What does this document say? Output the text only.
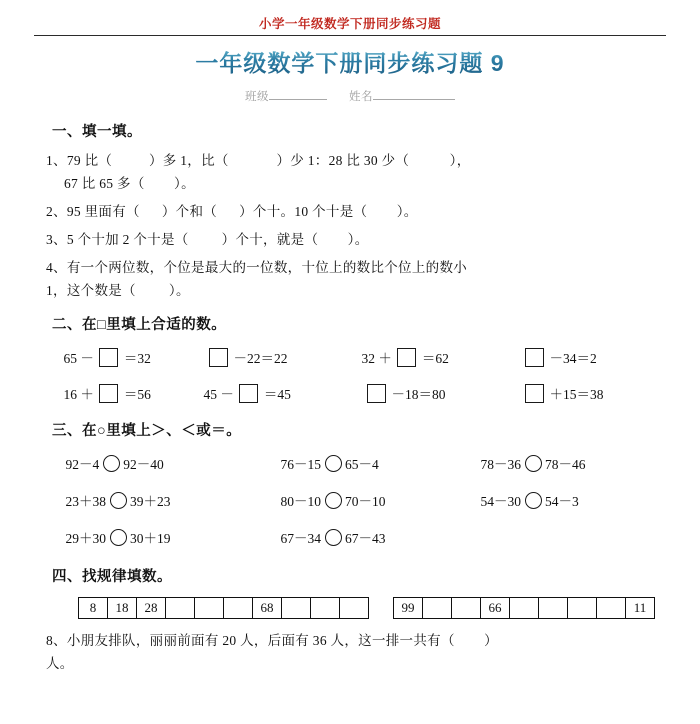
小学一年级数学下册同步练习题
一年级数学下册同步练习题 9
班级	姓名
一、填一填。
1、79 比（          ）多 1，比（             ）少 1：28 比 30 少（           ），
67 比 65 多（        ）。
2、95 里面有（      ）个和（      ）个十。10 个十是（        ）。
3、5 个十加 2 个十是（         ）个十，就是（        ）。
4、有一个两位数，个位是最大的一位数，十位上的数比个位上的数小
1，这个数是（         ）。
二、在□里填上合适的数。
65 － ＝32	－22＝22	32 ＋ ＝62	－34＝2
16 ＋ ＝56	45 － ＝45	－18＝80	＋15＝38
三、在○里填上＞、＜或＝。
92－4 92－40	76－15 65－4	78－36 78－46
23＋38 39＋23	80－10 70－10	54－30 54－3
29＋30 30＋19	67－34 67－43
四、找规律填数。
8	18	28				68				99			66					11
8、小朋友排队，丽丽前面有 20 人，后面有 36 人，这一排一共有（        ）
人。
